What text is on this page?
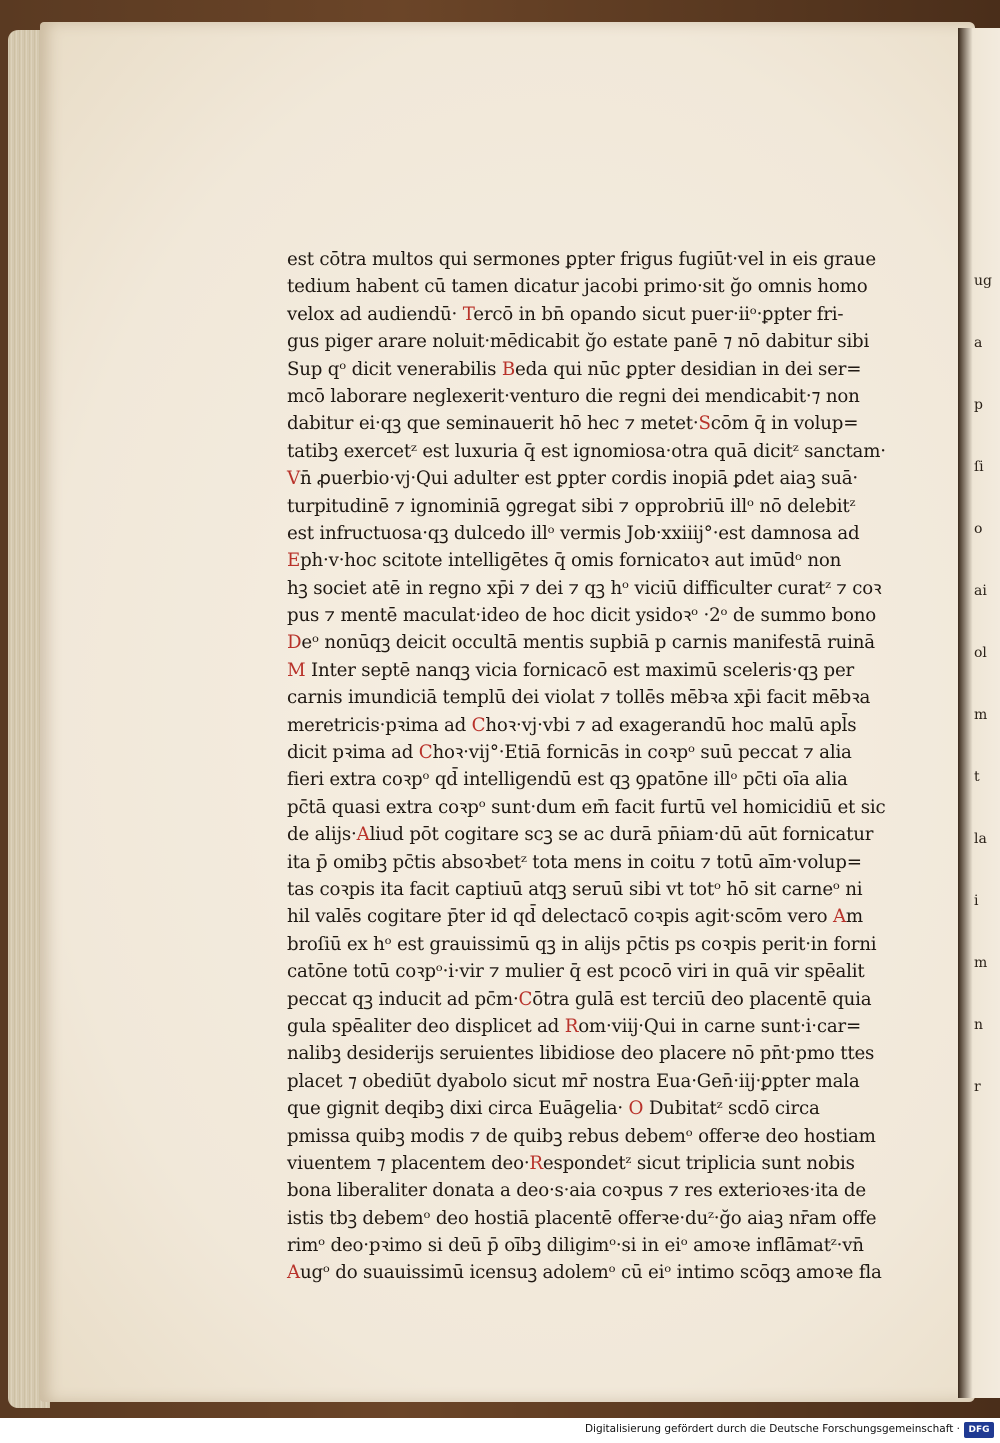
ug
a
p
ſi
o
ai
ol
m
t
la
i
m
n
r
est cōtra multos qui sermones ꝑpter frigus fugiūt·vel in eis graue
tedium habent cū tamen dicatur jacobi primo·sit ğo omnis homo
velox ad audiendū· Tercō in bn̄ opando sicut puer·iiᵒ·ꝑpter fri-
gus piger arare noluit·mēdicabit ğo estate panē ⁊ nō dabitur sibi
Sup qᵒ dicit venerabilis Beda qui nūc ꝑpter desidian in dei ser=
mcō laborare neglexerit·venturo die regni dei mendicabit·⁊ non
dabitur ei·qꝫ que seminauerit hō hec ⁊ metet·Scōm q̄ in volup=
tatibꝫ exercetᶻ est luxuria q̄ est ignomiosa·otra quā dicitᶻ sanctam·
Vn̄ ꝓuerbio·vj·Qui adulter est ꝑpter cordis inopiā ꝑdet aiaꝫ suā·
turpitudinē ⁊ ignominiā ꝯgregat sibi ⁊ opprobriū illᵒ nō delebitᶻ
est infructuosa·qꝫ dulcedo illᵒ vermis Job·xxiiij°·est damnosa ad
Eph·v·hoc scitote intelligētes q̄ omis fornicatoꝛ aut imūdᵒ non
hꝫ societ atē in regno xp̄i ⁊ dei ⁊ qꝫ hᵒ viciū difficulter curatᶻ ⁊ coꝛ
pus ⁊ mentē maculat·ideo de hoc dicit ysidoꝛᵒ ·2ᵒ de summo bono
Deᵒ nonūqꝫ deicit occultā mentis supbiā p carnis manifestā ruinā
M Inter septē nanqꝫ vicia fornicacō est maximū sceleris·qꝫ per
carnis imundiciā templū dei violat ⁊ tollēs mēbꝛa xp̄i facit mēbꝛa
meretricis·pꝛima ad Choꝛ·vj·vbi ⁊ ad exagerandū hoc malū apl̄s
dicit pꝛima ad Choꝛ·vij°·Etiā fornicās in coꝛpᵒ suū peccat ⁊ alia
fieri extra coꝛpᵒ qd̄ intelligendū est qꝫ ꝯpatōne illᵒ pc̄ti oīa alia
pc̄tā quasi extra coꝛpᵒ sunt·dum em̄ facit furtū vel homicidiū et sic
de alijs·Aliud pōt cogitare scꝫ se ac durā pn̄iam·dū aūt fornicatur
ita p̄ omibꝫ pc̄tis absoꝛbetᶻ tota mens in coitu ⁊ totū aīm·volup=
tas coꝛpis ita facit captiuū atqꝫ seruū sibi vt totᵒ hō sit carneᵒ ni
hil valēs cogitare p̄ter id qd̄ delectacō coꝛpis agit·scōm vero Am
broſiū ex hᵒ est grauissimū qꝫ in alijs pc̄tis ps coꝛpis perit·in forni
catōne totū coꝛpᵒ·i·vir ⁊ mulier q̄ est pcocō viri in quā vir spēalit
peccat qꝫ inducit ad pc̄m·Cōtra gulā est terciū deo placentē quia
gula spēaliter deo displicet ad Rom·viij·Qui in carne sunt·i·car=
nalibꝫ desiderijs seruientes libidiose deo placere nō pn̄t·pmo ttes
placet ⁊ obediūt dyabolo sicut mr̄ nostra Eua·Gen̄·iij·ꝑpter mala
que gignit deqibꝫ dixi circa Euāgelia· O Dubitatᶻ scdō circa
pmissa quibꝫ modis ⁊ de quibꝫ rebus debemᵒ offerꝛe deo hostiam
viuentem ⁊ placentem deo·Respondetᶻ sicut triplicia sunt nobis
bona liberaliter donata a deo·s·aia coꝛpus ⁊ res exterioꝛes·ita de
istis tbꝫ debemᵒ deo hostiā placentē offerꝛe·duᶻ·ğo aiaꝫ nr̄am offe
rimᵒ deo·pꝛimo si deū p̄ oībꝫ diligimᵒ·si in eiᵒ amoꝛe inflāmatᶻ·vn̄
Augᵒ do suauissimū icensuꝫ adolemᵒ cū eiᵒ intimo scōqꝫ amoꝛe fla
Digitalisierung gefördert durch die Deutsche Forschungsgemeinschaft · DFG
